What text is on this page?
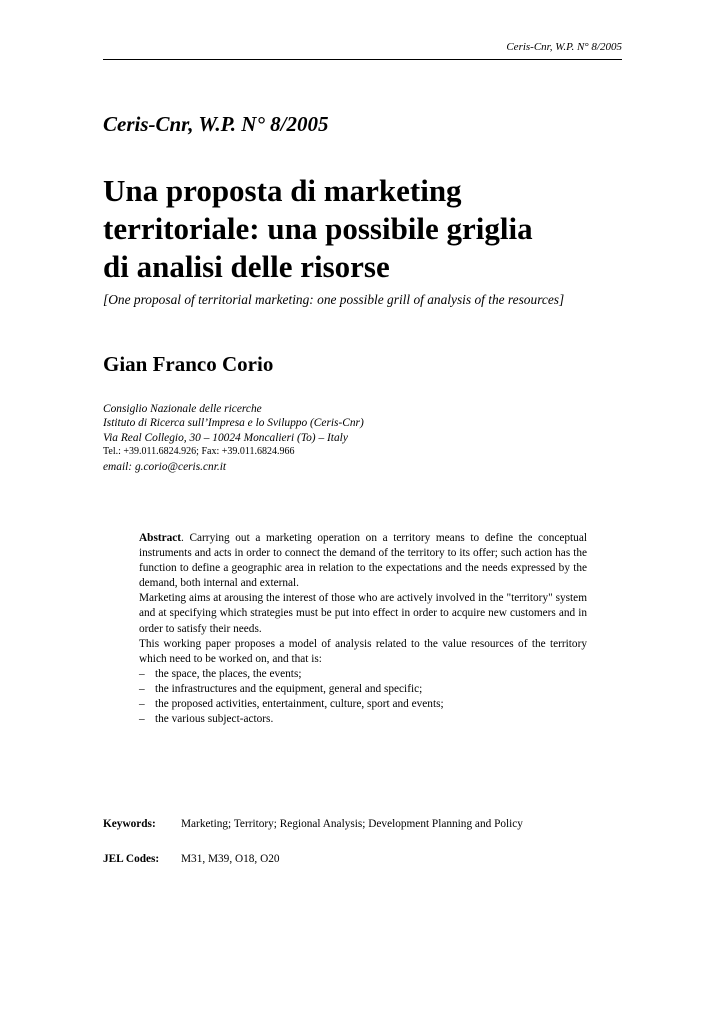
Ceris-Cnr, W.P. N° 8/2005
Ceris-Cnr, W.P. N° 8/2005
Una proposta di marketing
territoriale: una possibile griglia
di analisi delle risorse
[One proposal of territorial marketing: one possible grill of analysis of the resources]
Gian Franco Corio
Consiglio Nazionale delle ricerche
Istituto di Ricerca sull’Impresa e lo Sviluppo (Ceris-Cnr)
Via Real Collegio, 30 – 10024 Moncalieri (To) – Italy
Tel.: +39.011.6824.926; Fax: +39.011.6824.966
email: g.corio@ceris.cnr.it

Abstract. Carrying out a marketing operation on a territory means to define the conceptual instruments and acts in order to connect the demand of the territory to its offer; such action has the function to define a geographic area in relation to the expectations and the needs expressed by the demand, both internal and external.

Marketing aims at arousing the interest of those who are actively involved in the "territory" system and at specifying which strategies must be put into effect in order to acquire new customers and in order to satisfy their needs.

This working paper proposes a model of analysis related to the value resources of the territory which need to be worked on, and that is:

– the space, the places, the events;
– the infrastructures and the equipment, general and specific;
– the proposed activities, entertainment, culture, sport and events;
– the various subject-actors.
Keywords: Marketing; Territory; Regional Analysis; Development Planning and Policy
JEL Codes: M31, M39, O18, O20
